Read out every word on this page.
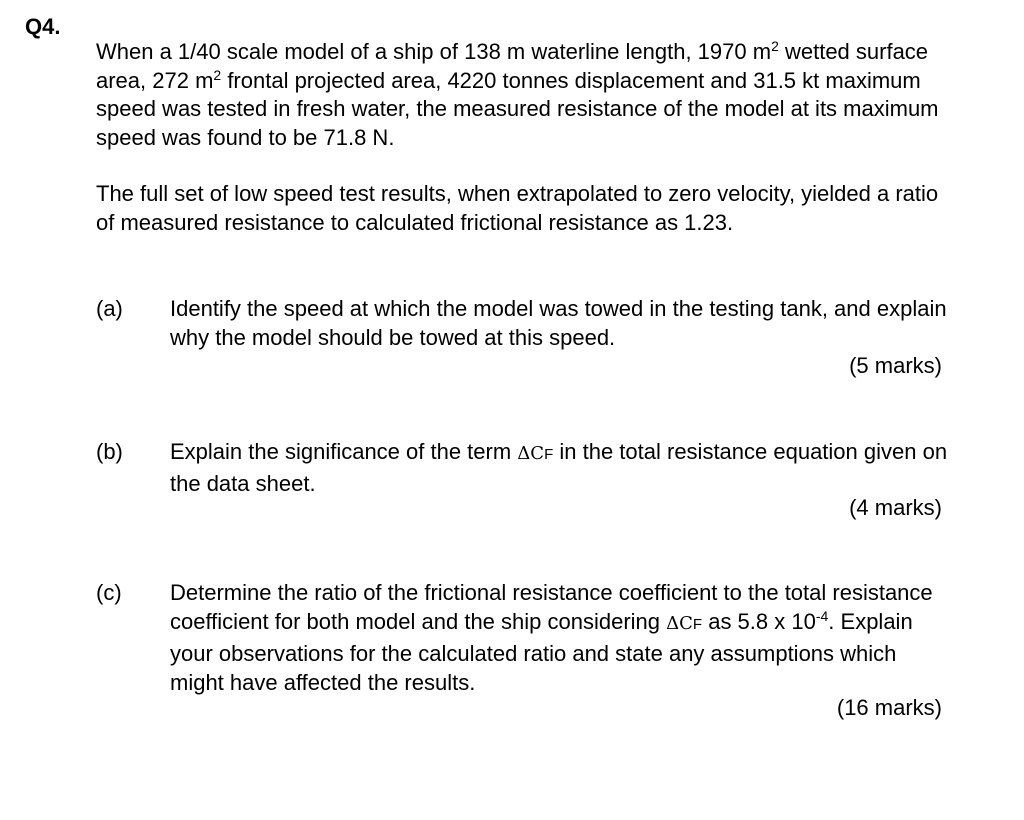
Q4.
When a 1/40 scale model of a ship of 138 m waterline length, 1970 $m^2$ wetted surface area, 272 $m^2$ frontal projected area, 4220 tonnes displacement and 31.5 kt maximum speed was tested in fresh water, the measured resistance of the model at its maximum speed was found to be 71.8 N.
The full set of low speed test results, when extrapolated to zero velocity, yielded a ratio of measured resistance to calculated frictional resistance as 1.23.
(a) Identify the speed at which the model was towed in the testing tank, and explain why the model should be towed at this speed.
(5 marks)
(b) Explain the significance of the term ΔCF in the total resistance equation given on the data sheet.
(4 marks)
(c) Determine the ratio of the frictional resistance coefficient to the total resistance coefficient for both model and the ship considering ΔCF as 5.8 x $10^{-4}$. Explain your observations for the calculated ratio and state any assumptions which might have affected the results.
(16 marks)
